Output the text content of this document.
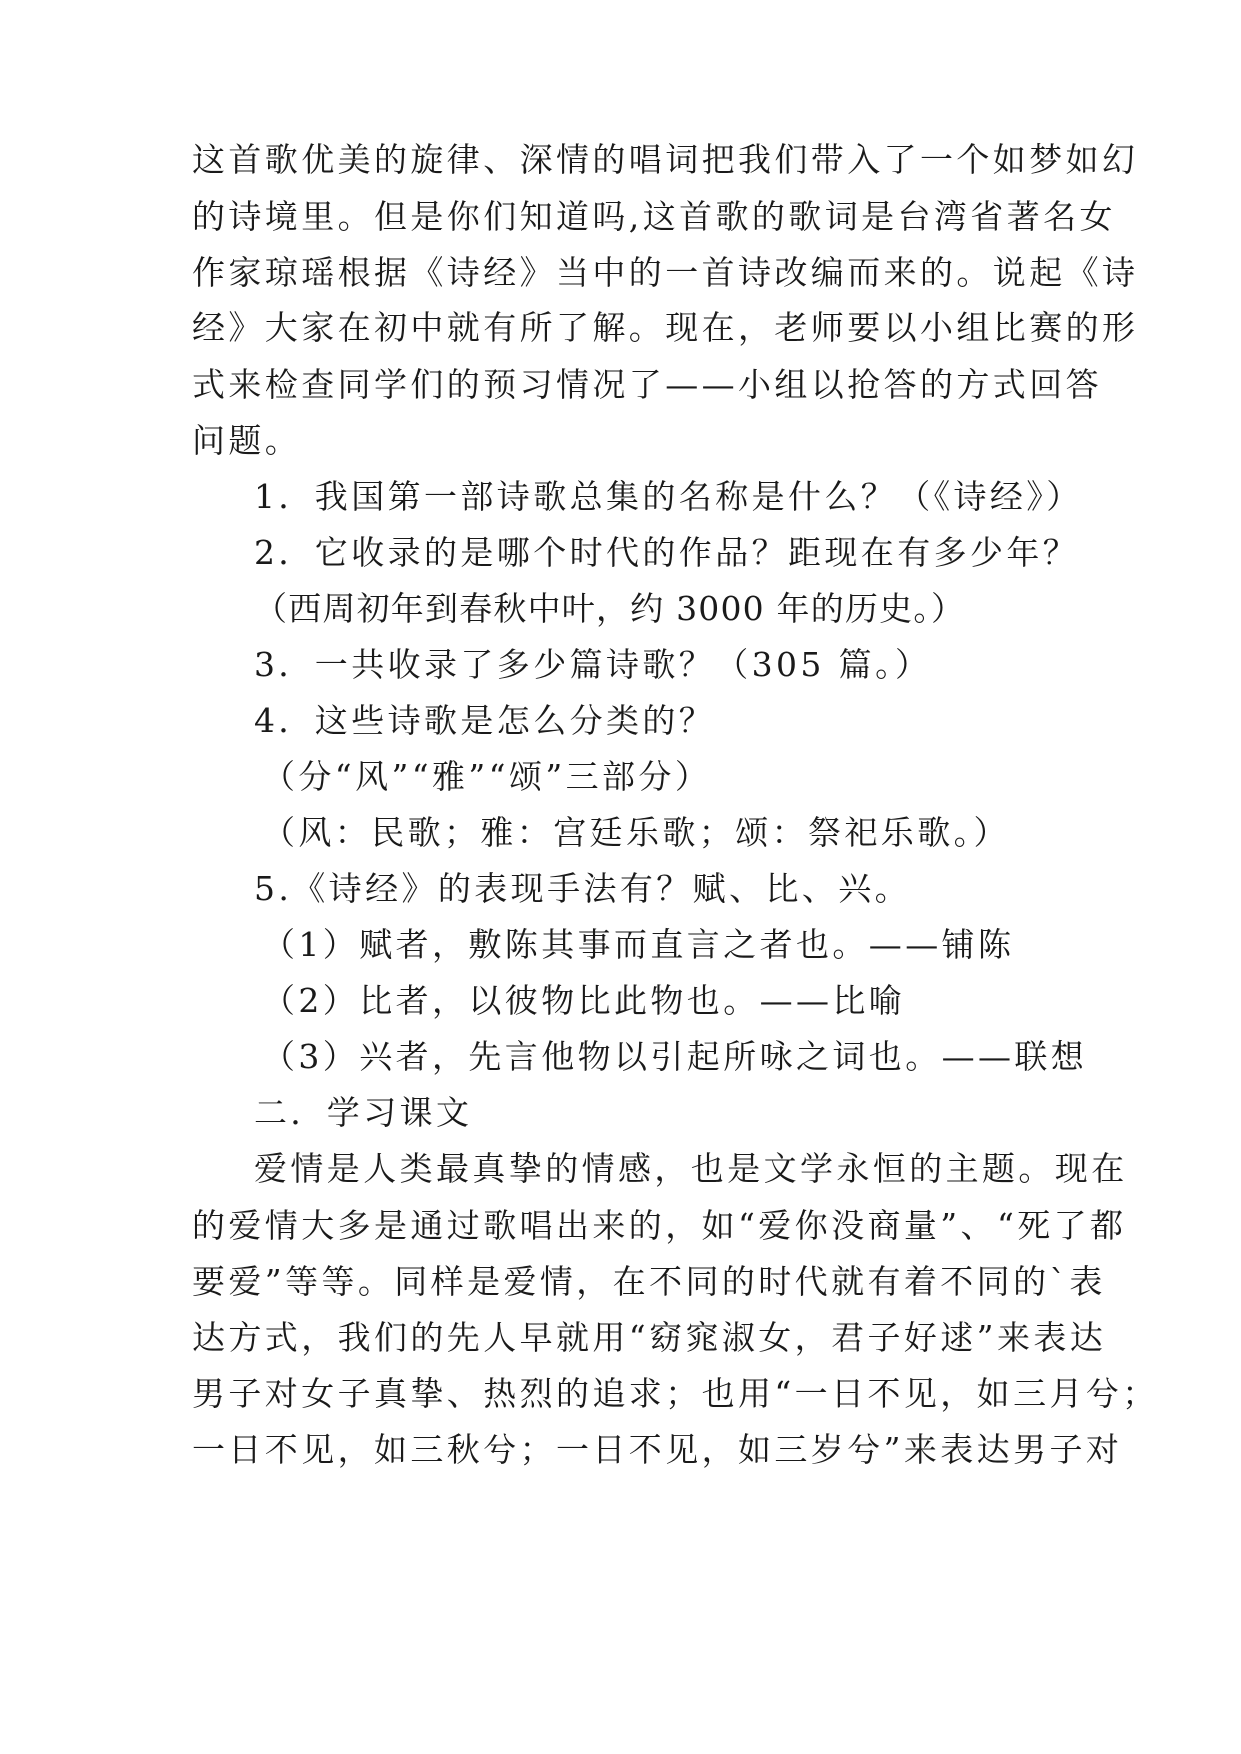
这首歌优美的旋律、深情的唱词把我们带入了一个如梦如幻
的诗境里。但是你们知道吗,这首歌的歌词是台湾省著名女
作家琼瑶根据《诗经》当中的一首诗改编而来的。说起《诗
经》大家在初中就有所了解。现在，老师要以小组比赛的形
式来检查同学们的预习情况了——小组以抢答的方式回答
问题。
1．我国第一部诗歌总集的名称是什么？（《诗经》）
2．它收录的是哪个时代的作品？距现在有多少年？
（西周初年到春秋中叶，约 3000 年的历史。）
3．一共收录了多少篇诗歌？（305 篇。）
4．这些诗歌是怎么分类的？
（分“风”“雅”“颂”三部分）
（风：民歌；雅：宫廷乐歌；颂：祭祀乐歌。）
5.《诗经》的表现手法有？赋、比、兴。
（1）赋者，敷陈其事而直言之者也。——铺陈
（2）比者，以彼物比此物也。——比喻
（3）兴者，先言他物以引起所咏之词也。——联想
二．学习课文
爱情是人类最真挚的情感，也是文学永恒的主题。现在
的爱情大多是通过歌唱出来的，如“爱你没商量”、“死了都
要爱”等等。同样是爱情，在不同的时代就有着不同的`表
达方式，我们的先人早就用“窈窕淑女，君子好逑”来表达
男子对女子真挚、热烈的追求；也用“一日不见，如三月兮；
一日不见，如三秋兮；一日不见，如三岁兮”来表达男子对
